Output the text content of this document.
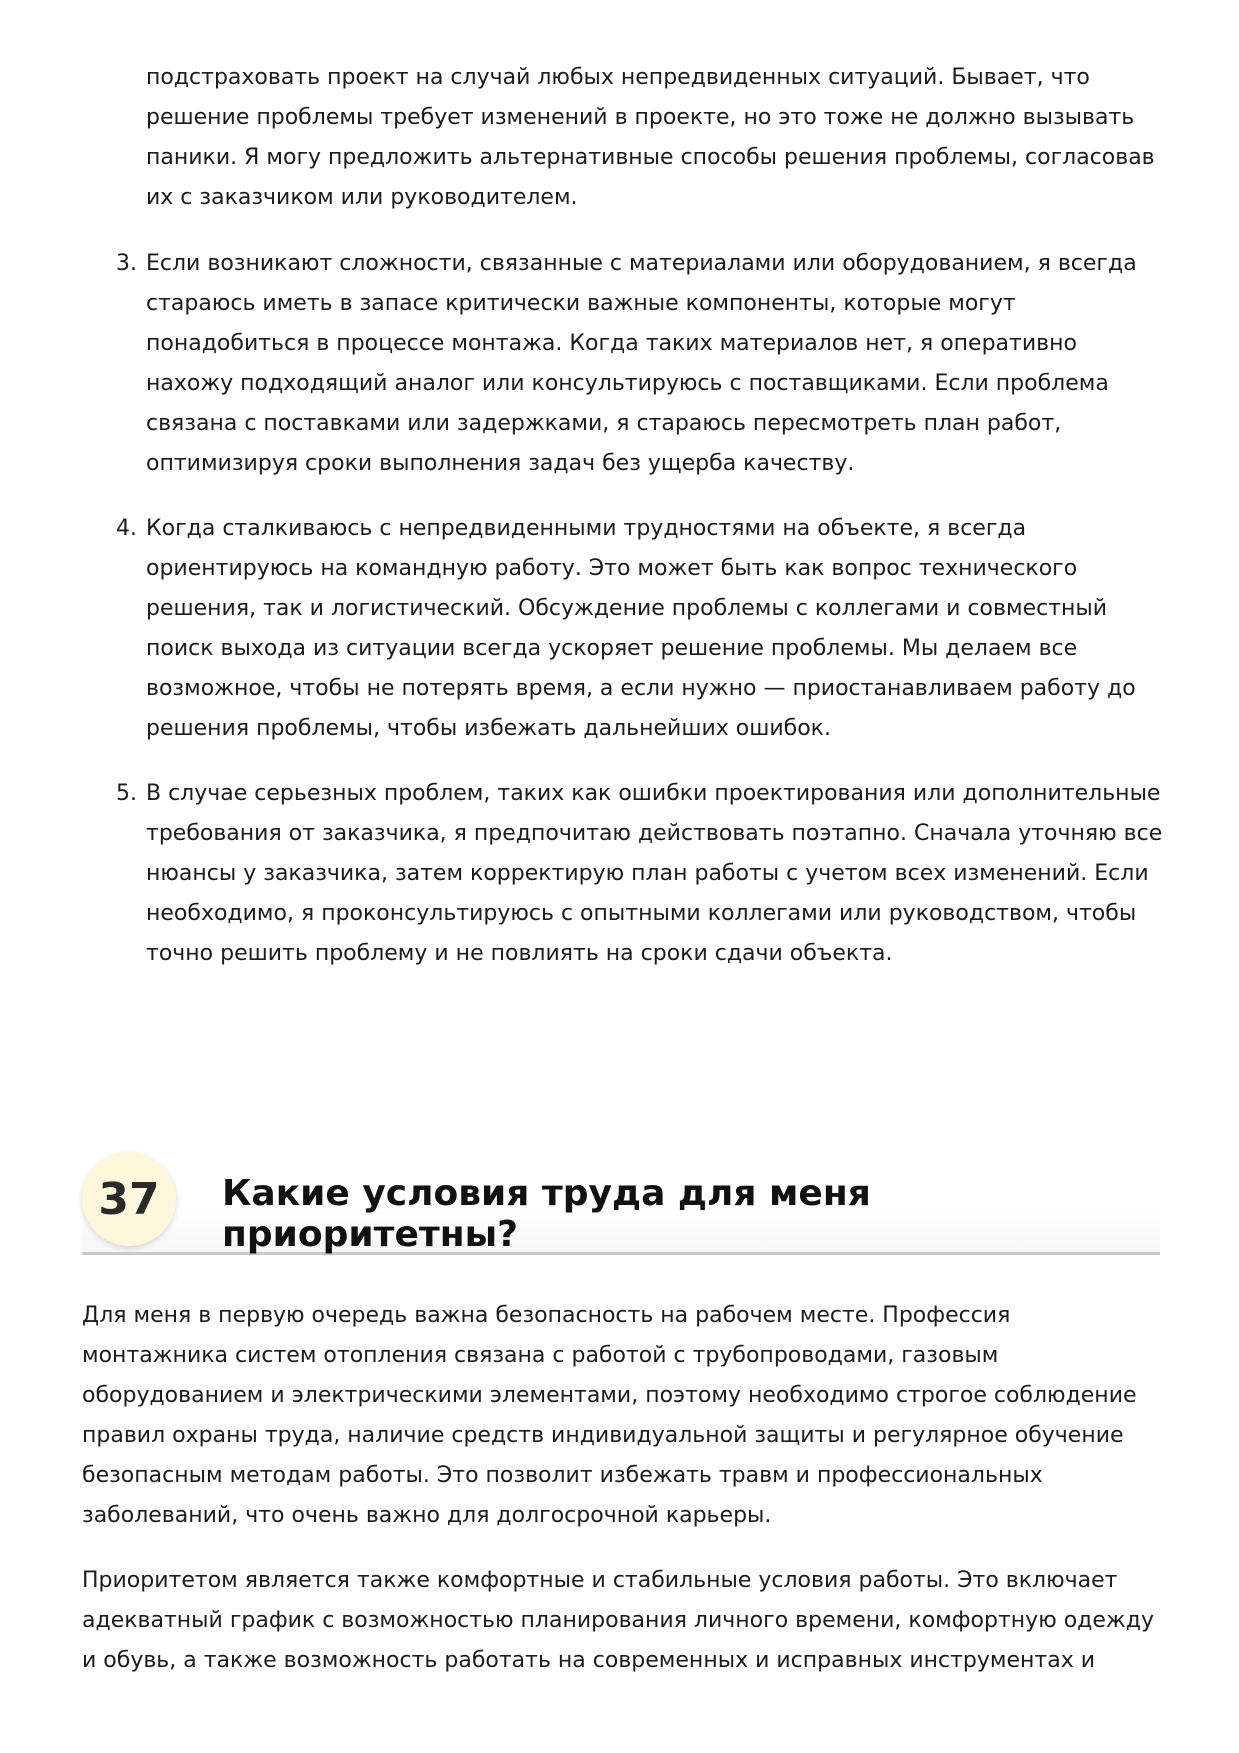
подстраховать проект на случай любых непредвиденных ситуаций. Бывает, что решение проблемы требует изменений в проекте, но это тоже не должно вызывать паники. Я могу предложить альтернативные способы решения проблемы, согласовав их с заказчиком или руководителем.

3. Если возникают сложности, связанные с материалами или оборудованием, я всегда стараюсь иметь в запасе критически важные компоненты, которые могут понадобиться в процессе монтажа. Когда таких материалов нет, я оперативно нахожу подходящий аналог или консультируюсь с поставщиками. Если проблема связана с поставками или задержками, я стараюсь пересмотреть план работ, оптимизируя сроки выполнения задач без ущерба качеству.
4. Когда сталкиваюсь с непредвиденными трудностями на объекте, я всегда ориентируюсь на командную работу. Это может быть как вопрос технического решения, так и логистический. Обсуждение проблемы с коллегами и совместный поиск выхода из ситуации всегда ускоряет решение проблемы. Мы делаем все возможное, чтобы не потерять время, а если нужно — приостанавливаем работу до решения проблемы, чтобы избежать дальнейших ошибок.
5. В случае серьезных проблем, таких как ошибки проектирования или дополнительные требования от заказчика, я предпочитаю действовать поэтапно. Сначала уточняю все нюансы у заказчика, затем корректирую план работы с учетом всех изменений. Если необходимо, я проконсультируюсь с опытными коллегами или руководством, чтобы точно решить проблему и не повлиять на сроки сдачи объекта.
37	Какие условия труда для меня приоритетны?

Для меня в первую очередь важна безопасность на рабочем месте. Профессия монтажника систем отопления связана с работой с трубопроводами, газовым оборудованием и электрическими элементами, поэтому необходимо строгое соблюдение правил охраны труда, наличие средств индивидуальной защиты и регулярное обучение безопасным методам работы. Это позволит избежать травм и профессиональных заболеваний, что очень важно для долгосрочной карьеры.

Приоритетом является также комфортные и стабильные условия работы. Это включает адекватный график с возможностью планирования личного времени, комфортную одежду и обувь, а также возможность работать на современных и исправных инструментах и
